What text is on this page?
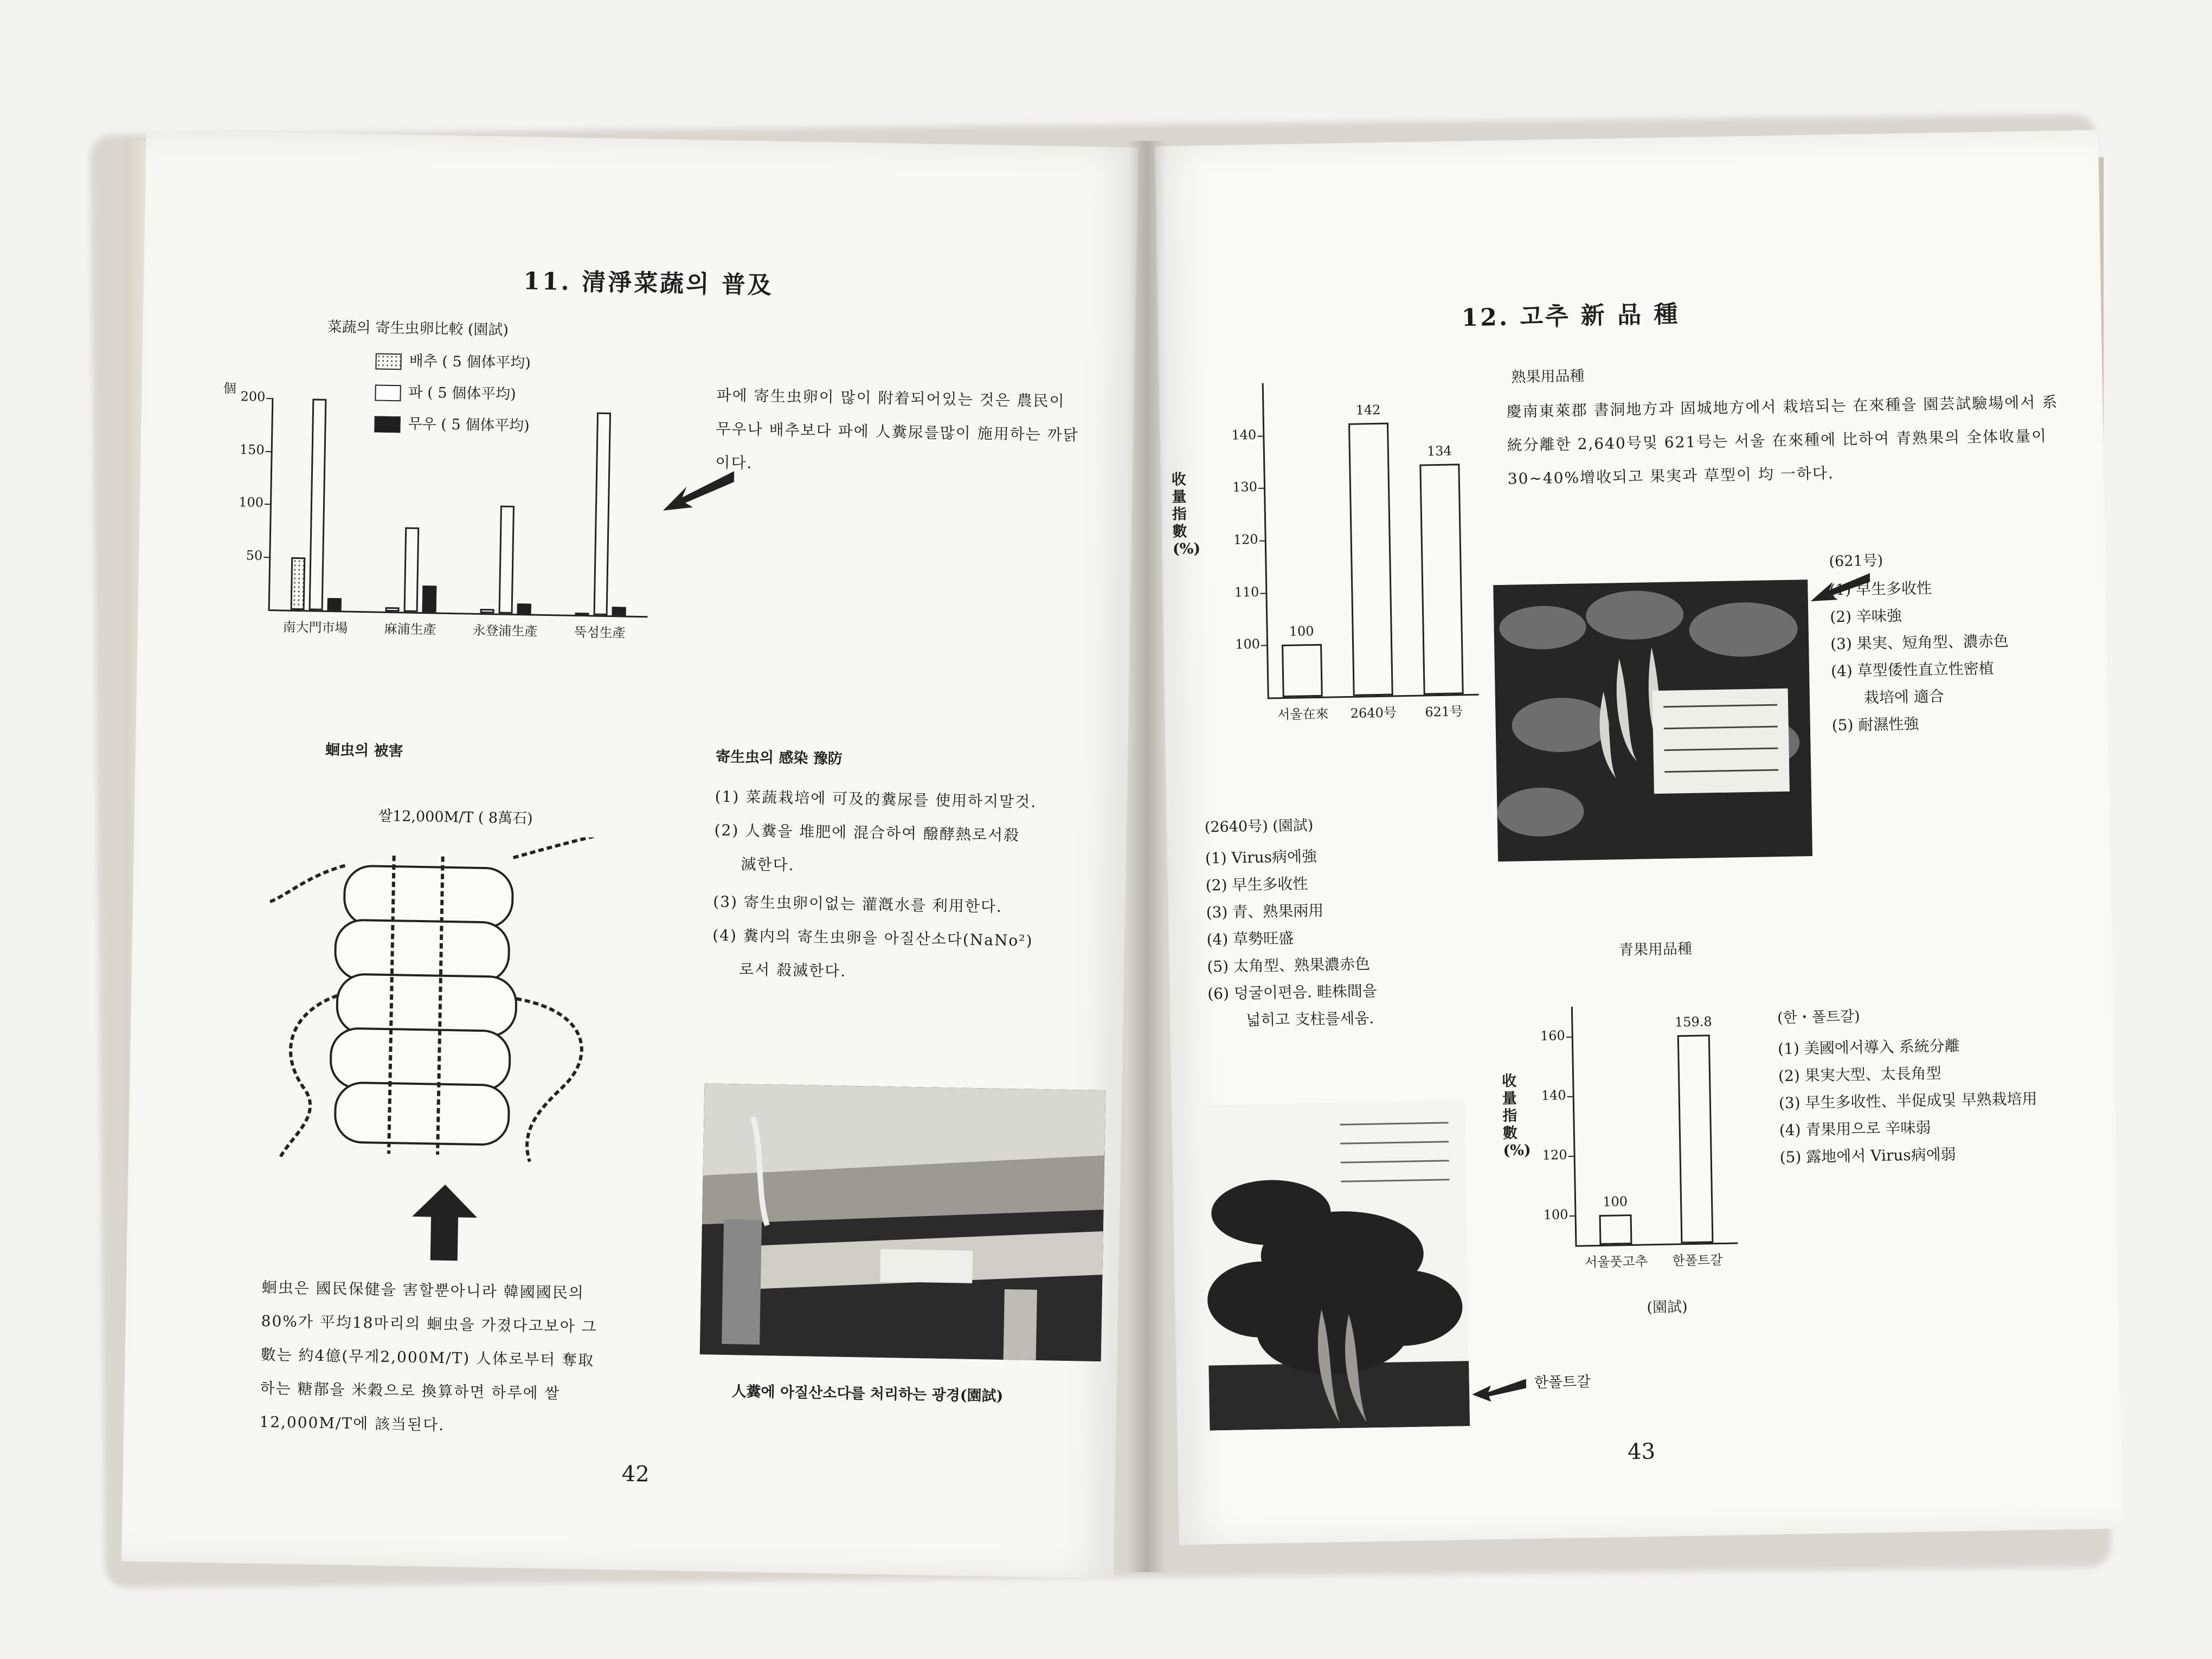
11. 清淨菜蔬의 普及
菜蔬의 寄生虫卵比較 (園試)
배추 ( 5 個体平均)
파 ( 5 個体平均)
무우 ( 5 個体平均)
個
50
100
150
200
南大門市場	麻浦生產	永登浦生產	뚝섬生產
파에 寄生虫卵이 많이 附着되어있는 것은 農民이 무우나 배추보다 파에 人糞尿를많이 施用하는 까닭이다.
蛔虫의 被害
쌀12,000M/T ( 8萬石)
蛔虫은 國民保健을 害할뿐아니라 韓國國民의 80%가 平均18마리의 蛔虫을 가졌다고보아 그數는 約4億(무게2,000M/T) 人体로부터 奪取하는 糖鄁을 米穀으로 換算하면 하루에 쌀12,000M/T에 該当된다.
寄生虫의 感染 豫防
(1) 菜蔬栽培에 可及的糞尿를 使用하지말것.
(2) 人糞을 堆肥에 混合하여 醱酵熱로서殺
滅한다.
(3) 寄生虫卵이없는 灌漑水를 利用한다.
(4) 糞内의 寄生虫卵을 아질산소다(NaNo²)
로서 殺滅한다.
人糞에 아질산소다를 처리하는 광경(園試)
42
12. 고추 新 品 種
收量指數(%)
100
110
120
130
140
100
서울在來
142
2640号
134
621号
熟果用品種
慶南東萊郡 書洞地方과 固城地方에서 栽培되는 在來種을 園芸試驗場에서 系統分離한 2,640号및 621号는 서울 在來種에 比하여 青熟果의 全体收量이 30~40%增收되고 果実과 草型이 均 一하다.
(621号)
(1) 早生多收性
(2) 辛味強
(3) 果実、短角型、濃赤色
(4) 草型倭性直立性密植
栽培에 適合
(5) 耐濕性強
(2640号) (園試)
(1) Virus病에強
(2) 早生多收性
(3) 青、熟果兩用
(4) 草勢旺盛
(5) 太角型、熟果濃赤色
(6) 덩굴이편음. 畦株間을
넓히고 支柱를세움.
青果用品種
收量指數(%)
100
120
140
160
100
서울풋고추
159.8
한폴트갈
(園試)
(한・폴트갈)
(1) 美國에서導入 系統分離
(2) 果実大型、太長角型
(3) 早生多收性、半促成및 早熟栽培用
(4) 青果用으로 辛味弱
(5) 露地에서 Virus病에弱
한폴트갈
43
